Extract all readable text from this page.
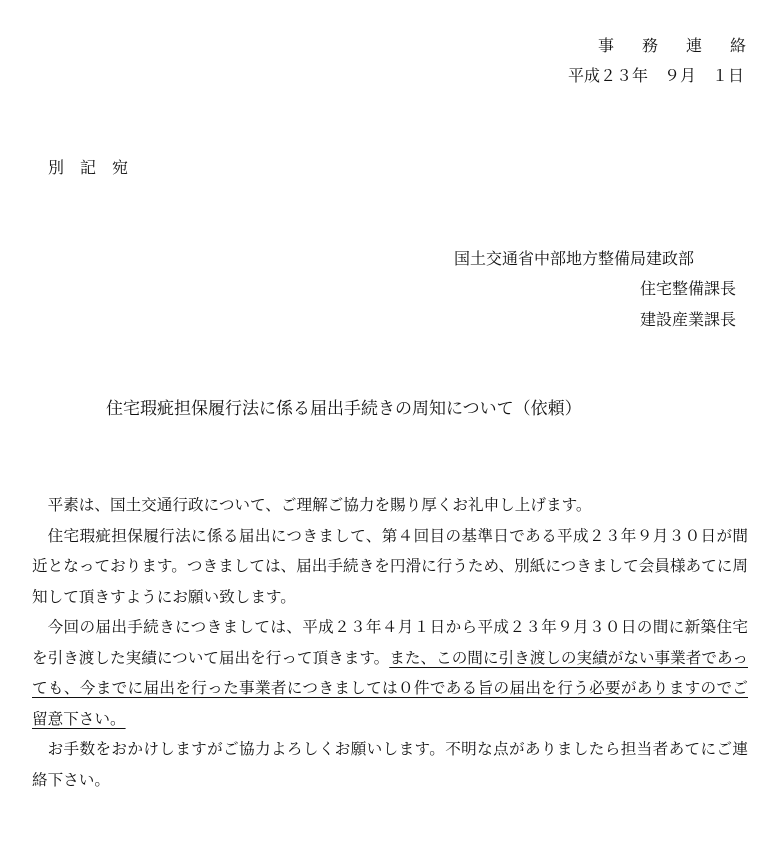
事務連絡
平成２３年　９月　１日
別記宛
国土交通省中部地方整備局建政部
住宅整備課長
建設産業課長
住宅瑕疵担保履行法に係る届出手続きの周知について（依頼）

平素は、国土交通行政について、ご理解ご協力を賜り厚くお礼申し上げます。

住宅瑕疵担保履行法に係る届出につきまして、第４回目の基準日である平成２３年９月３０日が間近となっております。つきましては、届出手続きを円滑に行うため、別紙につきまして会員様あてに周知して頂きすようにお願い致します。

今回の届出手続きにつきましては、平成２３年４月１日から平成２３年９月３０日の間に新築住宅を引き渡した実績について届出を行って頂きます。また、この間に引き渡しの実績がない事業者であっても、今までに届出を行った事業者につきましては０件である旨の届出を行う必要がありますのでご留意下さい。

お手数をおかけしますがご協力よろしくお願いします。不明な点がありましたら担当者あてにご連絡下さい。
